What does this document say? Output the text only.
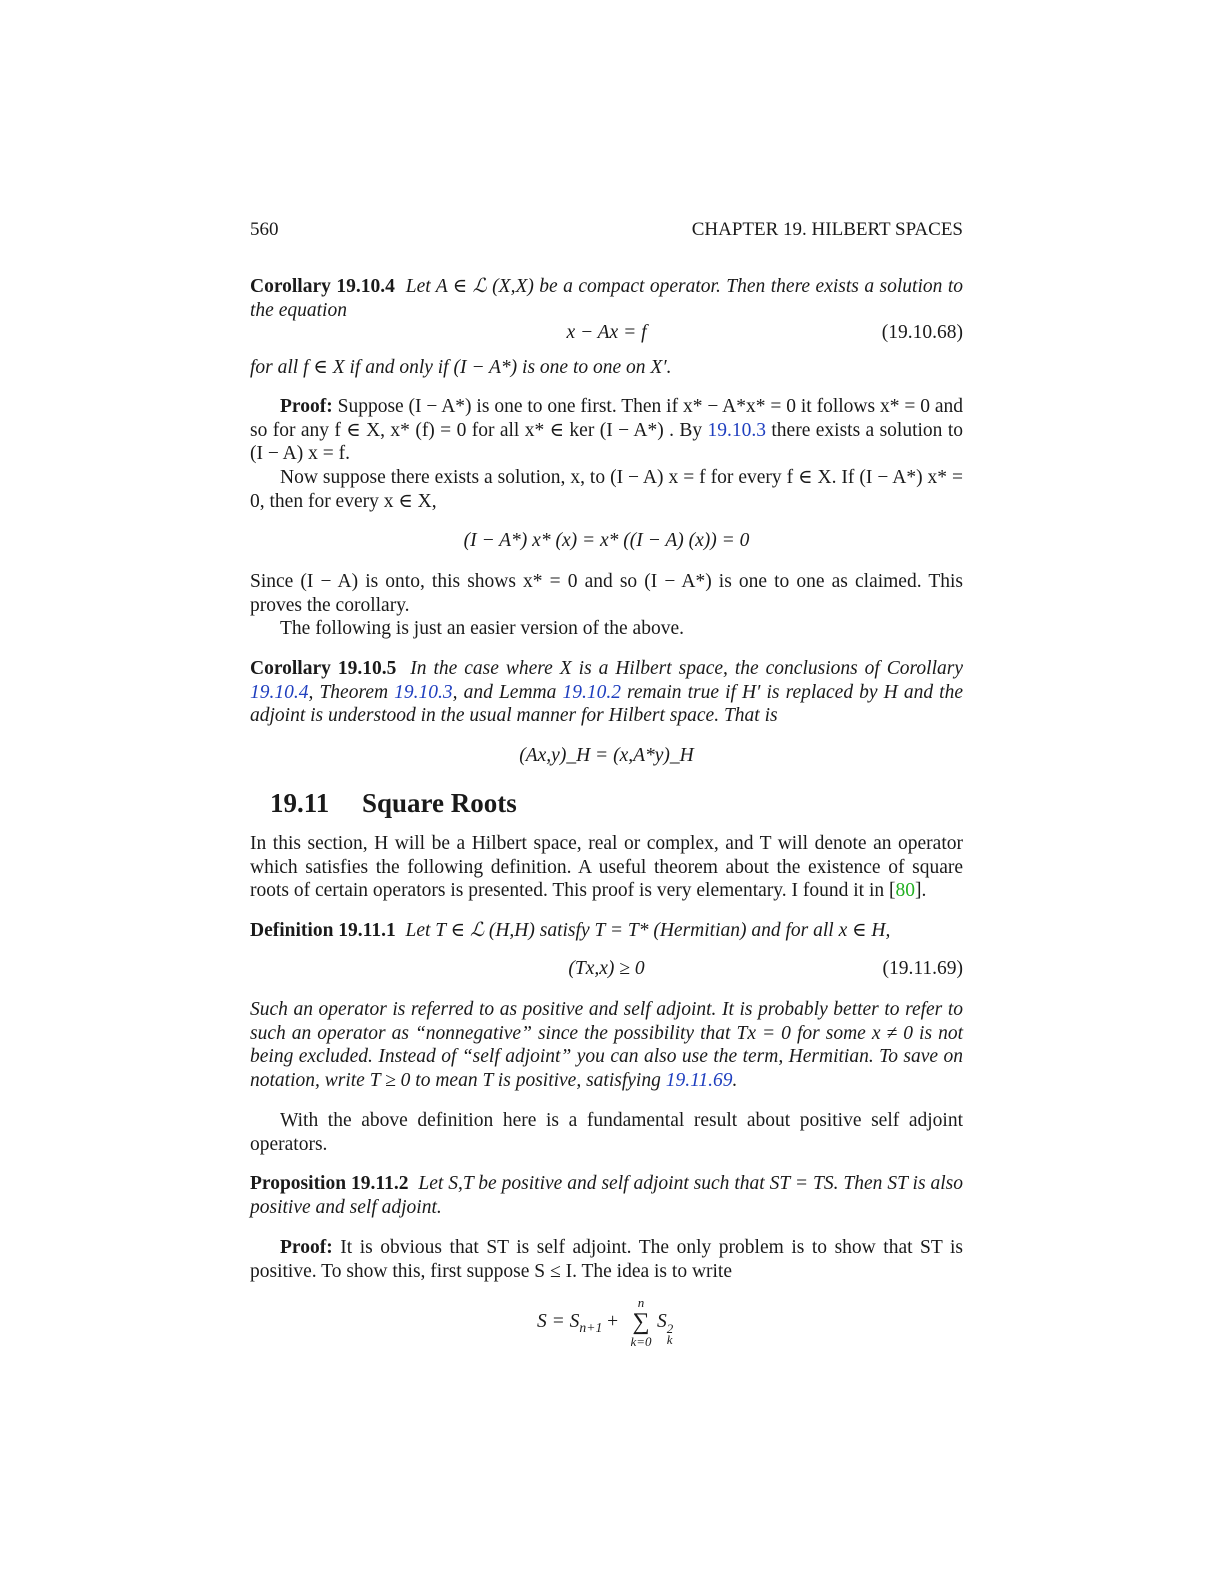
560	CHAPTER 19. HILBERT SPACES
Corollary 19.10.4 Let A ∈ ℒ (X,X) be a compact operator. Then there exists a solution to the equation
x − Ax = f	(19.10.68)
for all f ∈ X if and only if (I − A*) is one to one on X′.
Proof: Suppose (I − A*) is one to one first. Then if x* − A*x* = 0 it follows x* = 0 and so for any f ∈ X, x* (f) = 0 for all x* ∈ ker (I − A*) . By 19.10.3 there exists a solution to (I − A) x = f.
Now suppose there exists a solution, x, to (I − A) x = f for every f ∈ X. If (I − A*) x* = 0, then for every x ∈ X,
(I − A*) x* (x) = x* ((I − A) (x)) = 0
Since (I − A) is onto, this shows x* = 0 and so (I − A*) is one to one as claimed. This proves the corollary.
The following is just an easier version of the above.
Corollary 19.10.5 In the case where X is a Hilbert space, the conclusions of Corollary 19.10.4, Theorem 19.10.3, and Lemma 19.10.2 remain true if H′ is replaced by H and the adjoint is understood in the usual manner for Hilbert space. That is
(Ax,y)_H = (x,A*y)_H
19.11 Square Roots
In this section, H will be a Hilbert space, real or complex, and T will denote an operator which satisfies the following definition. A useful theorem about the existence of square roots of certain operators is presented. This proof is very elementary. I found it in [80].
Definition 19.11.1 Let T ∈ ℒ (H,H) satisfy T = T* (Hermitian) and for all x ∈ H,
(Tx,x) ≥ 0	(19.11.69)
Such an operator is referred to as positive and self adjoint. It is probably better to refer to such an operator as “nonnegative” since the possibility that Tx = 0 for some x ≠ 0 is not being excluded. Instead of “self adjoint” you can also use the term, Hermitian. To save on notation, write T ≥ 0 to mean T is positive, satisfying 19.11.69.
With the above definition here is a fundamental result about positive self adjoint operators.
Proposition 19.11.2 Let S,T be positive and self adjoint such that ST = TS. Then ST is also positive and self adjoint.
Proof: It is obvious that ST is self adjoint. The only problem is to show that ST is positive. To show this, first suppose S ≤ I. The idea is to write
$S = S_{n+1}$ +
n
∑
k=0
S 2
k
